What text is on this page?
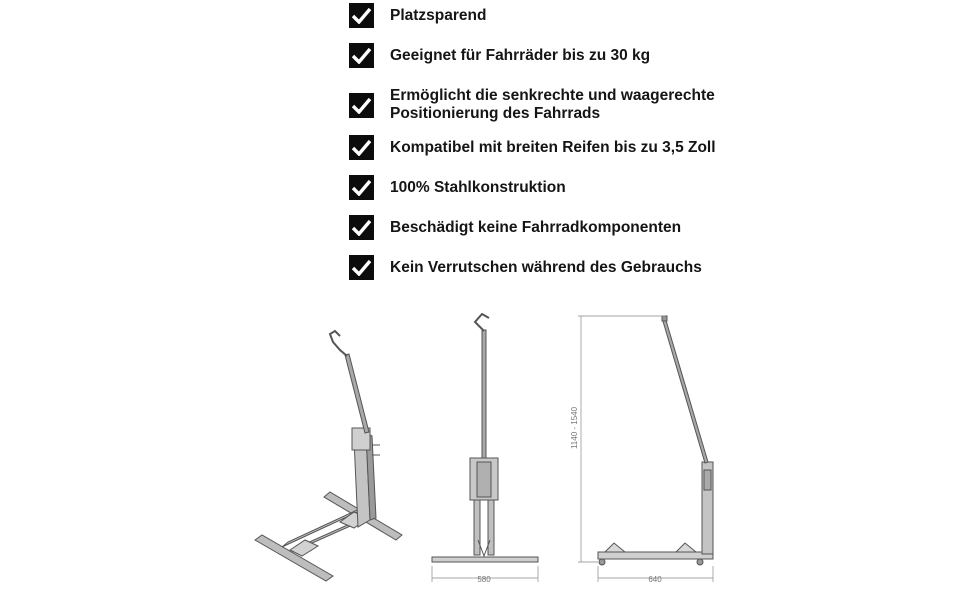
Platzsparend
Geeignet für Fahrräder bis zu 30 kg
Ermöglicht die senkrechte und waagerechte
Positionierung des Fahrrads
Kompatibel mit breiten Reifen bis zu 3,5 Zoll
100% Stahlkonstruktion
Beschädigt keine Fahrradkomponenten
Kein Verrutschen während des Gebrauchs
580	640
1140 - 1540
